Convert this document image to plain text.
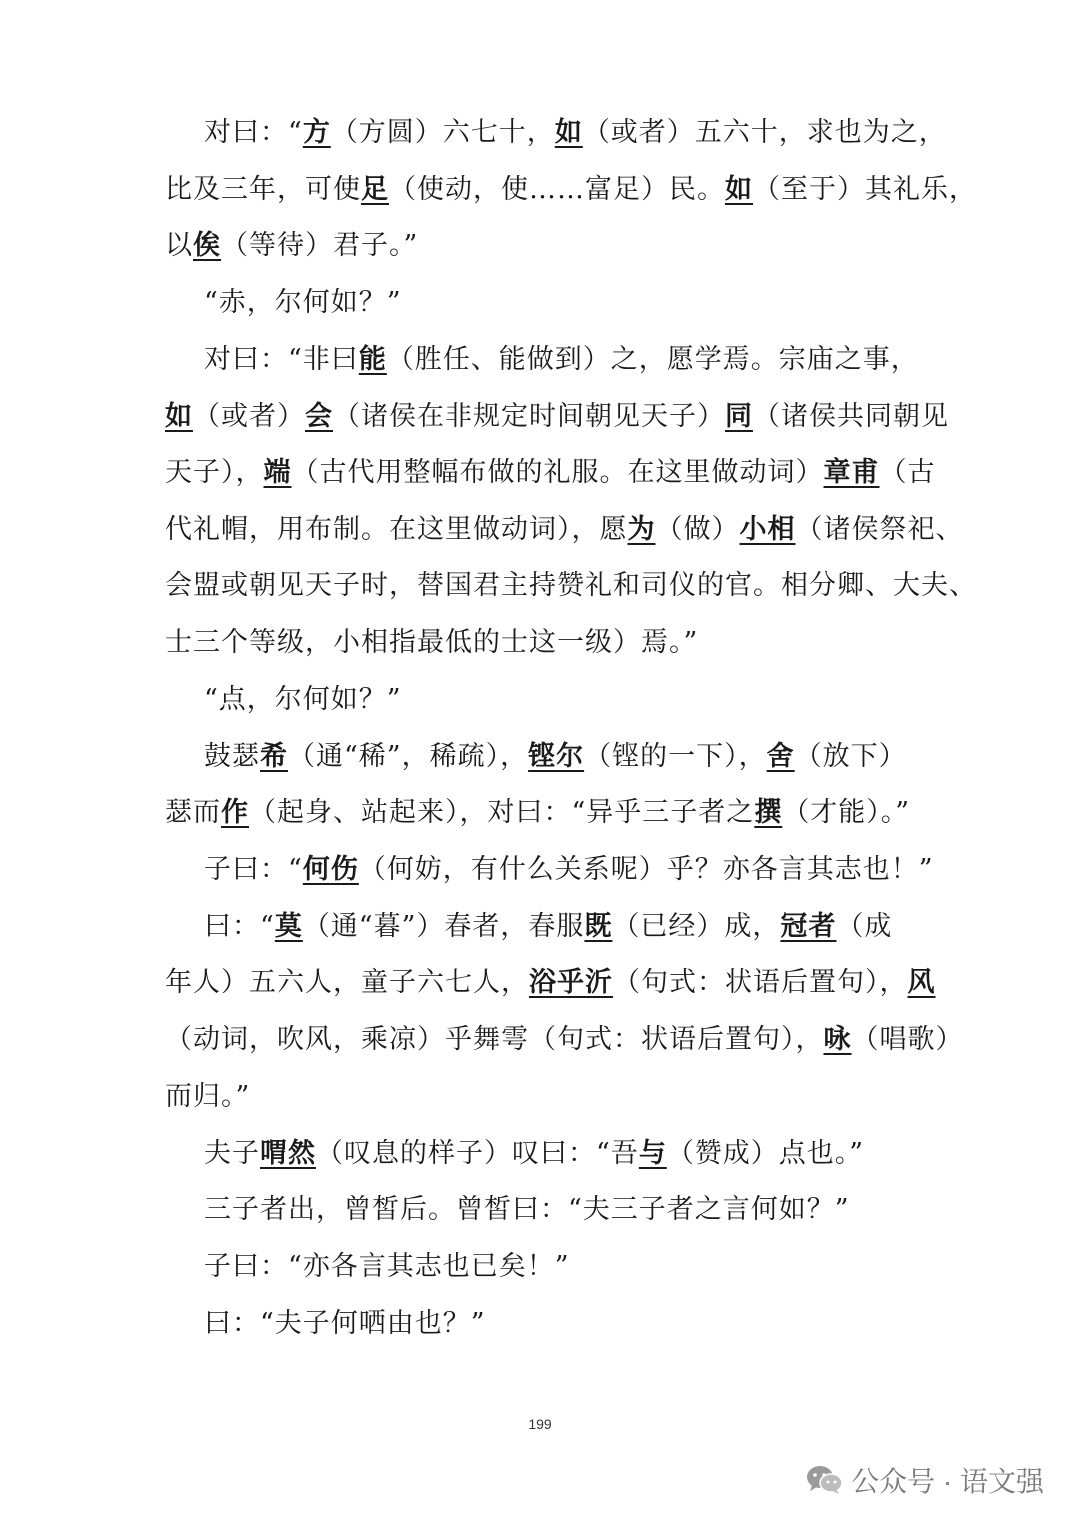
对曰：“方（方圆）六七十，如（或者）五六十，求也为之，
比及三年，可使足（使动，使……富足）民。如（至于）其礼乐，
以俟（等待）君子。”
“赤，尔何如？”
对曰：“非曰能（胜任、能做到）之，愿学焉。宗庙之事，
如（或者）会（诸侯在非规定时间朝见天子）同（诸侯共同朝见
天子），端（古代用整幅布做的礼服。在这里做动词）章甫（古
代礼帽，用布制。在这里做动词），愿为（做）小相（诸侯祭祀、
会盟或朝见天子时，替国君主持赞礼和司仪的官。相分卿、大夫、
士三个等级，小相指最低的士这一级）焉。”
“点，尔何如？”
鼓瑟希（通“稀”，稀疏），铿尔（铿的一下），舍（放下）
瑟而作（起身、站起来），对曰：“异乎三子者之撰（才能）。”
子曰：“何伤（何妨，有什么关系呢）乎？亦各言其志也！”
曰：“莫（通“暮”）春者，春服既（已经）成，冠者（成
年人）五六人，童子六七人，浴乎沂（句式：状语后置句），风
（动词，吹风，乘凉）乎舞雩（句式：状语后置句），咏（唱歌）
而归。”
夫子喟然（叹息的样子）叹曰：“吾与（赞成）点也。”
三子者出，曾皙后。曾皙曰：“夫三子者之言何如？”
子曰：“亦各言其志也已矣！”
曰：“夫子何哂由也？”
199
公众号 · 语文强
